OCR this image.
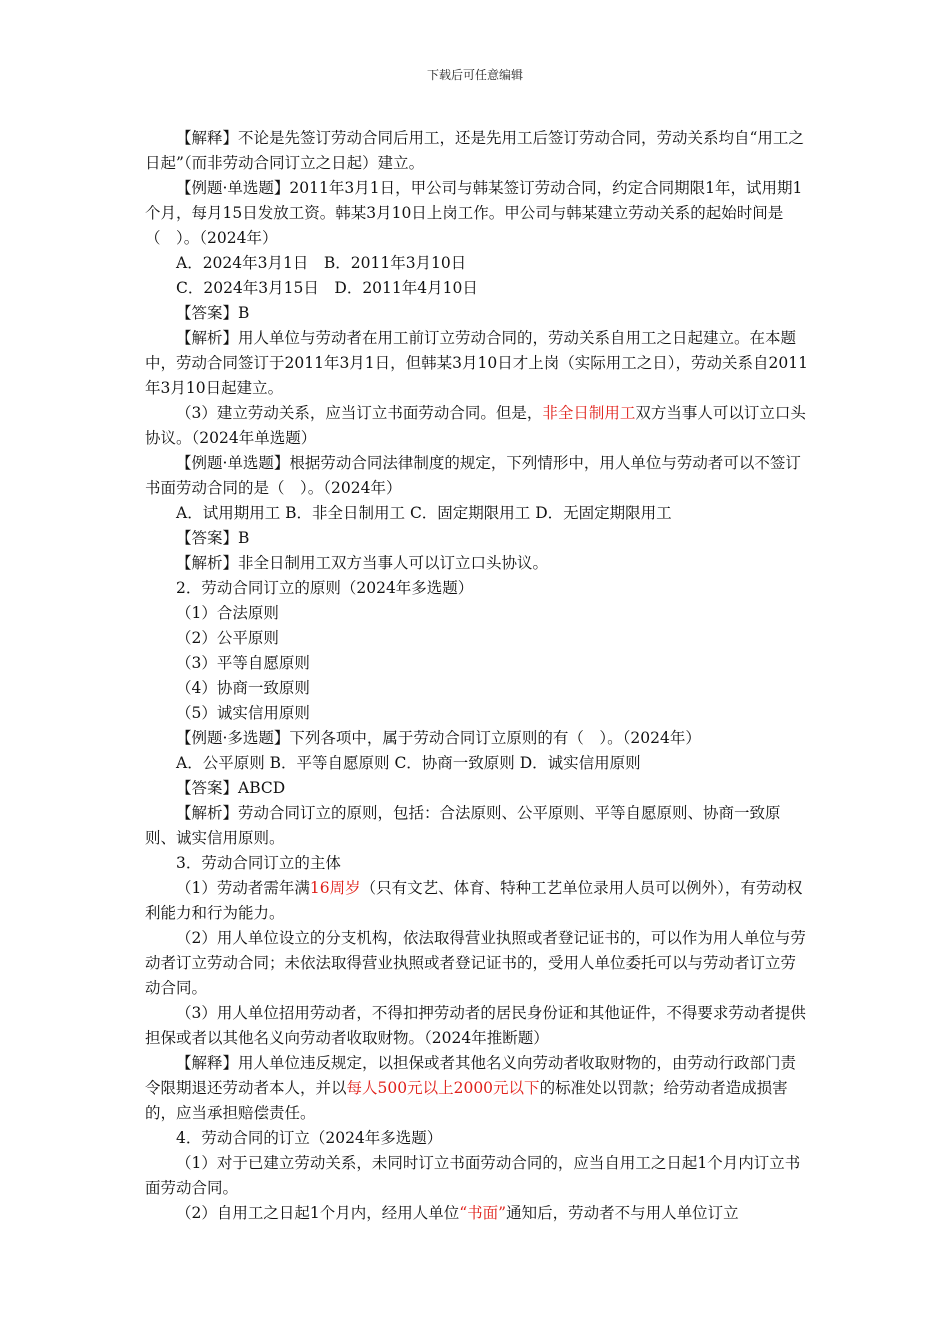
下载后可任意编辑

【解释】不论是先签订劳动合同后用工，还是先用工后签订劳动合同，劳动关系均自“用工之日起”（而非劳动合同订立之日起）建立。

【例题·单选题】2011年3月1日，甲公司与韩某签订劳动合同，约定合同期限1年，试用期1个月，每月15日发放工资。韩某3月10日上岗工作。甲公司与韩某建立劳动关系的起始时间是（　）。（2024年）

A．2024年3月1日　B．2011年3月10日

C．2024年3月15日　D．2011年4月10日

【答案】B

【解析】用人单位与劳动者在用工前订立劳动合同的，劳动关系自用工之日起建立。在本题中，劳动合同签订于2011年3月1日，但韩某3月10日才上岗（实际用工之日），劳动关系自2011年3月10日起建立。

（3）建立劳动关系，应当订立书面劳动合同。但是，非全日制用工双方当事人可以订立口头协议。（2024年单选题）

【例题·单选题】根据劳动合同法律制度的规定，下列情形中，用人单位与劳动者可以不签订书面劳动合同的是（　）。（2024年）

A．试用期用工 B．非全日制用工 C．固定期限用工 D．无固定期限用工

【答案】B

【解析】非全日制用工双方当事人可以订立口头协议。

2．劳动合同订立的原则（2024年多选题）

（1）合法原则

（2）公平原则

（3）平等自愿原则

（4）协商一致原则

（5）诚实信用原则

【例题·多选题】下列各项中，属于劳动合同订立原则的有（　）。（2024年）

A．公平原则 B．平等自愿原则 C．协商一致原则 D．诚实信用原则

【答案】ABCD

【解析】劳动合同订立的原则，包括：合法原则、公平原则、平等自愿原则、协商一致原则、诚实信用原则。

3．劳动合同订立的主体

（1）劳动者需年满16周岁（只有文艺、体育、特种工艺单位录用人员可以例外），有劳动权利能力和行为能力。

（2）用人单位设立的分支机构，依法取得营业执照或者登记证书的，可以作为用人单位与劳动者订立劳动合同；未依法取得营业执照或者登记证书的，受用人单位委托可以与劳动者订立劳动合同。

（3）用人单位招用劳动者，不得扣押劳动者的居民身份证和其他证件，不得要求劳动者提供担保或者以其他名义向劳动者收取财物。（2024年推断题）

【解释】用人单位违反规定，以担保或者其他名义向劳动者收取财物的，由劳动行政部门责令限期退还劳动者本人，并以每人500元以上2000元以下的标准处以罚款；给劳动者造成损害的，应当承担赔偿责任。

4．劳动合同的订立（2024年多选题）

（1）对于已建立劳动关系，未同时订立书面劳动合同的，应当自用工之日起1个月内订立书面劳动合同。

（2）自用工之日起1个月内，经用人单位“书面”通知后，劳动者不与用人单位订立
